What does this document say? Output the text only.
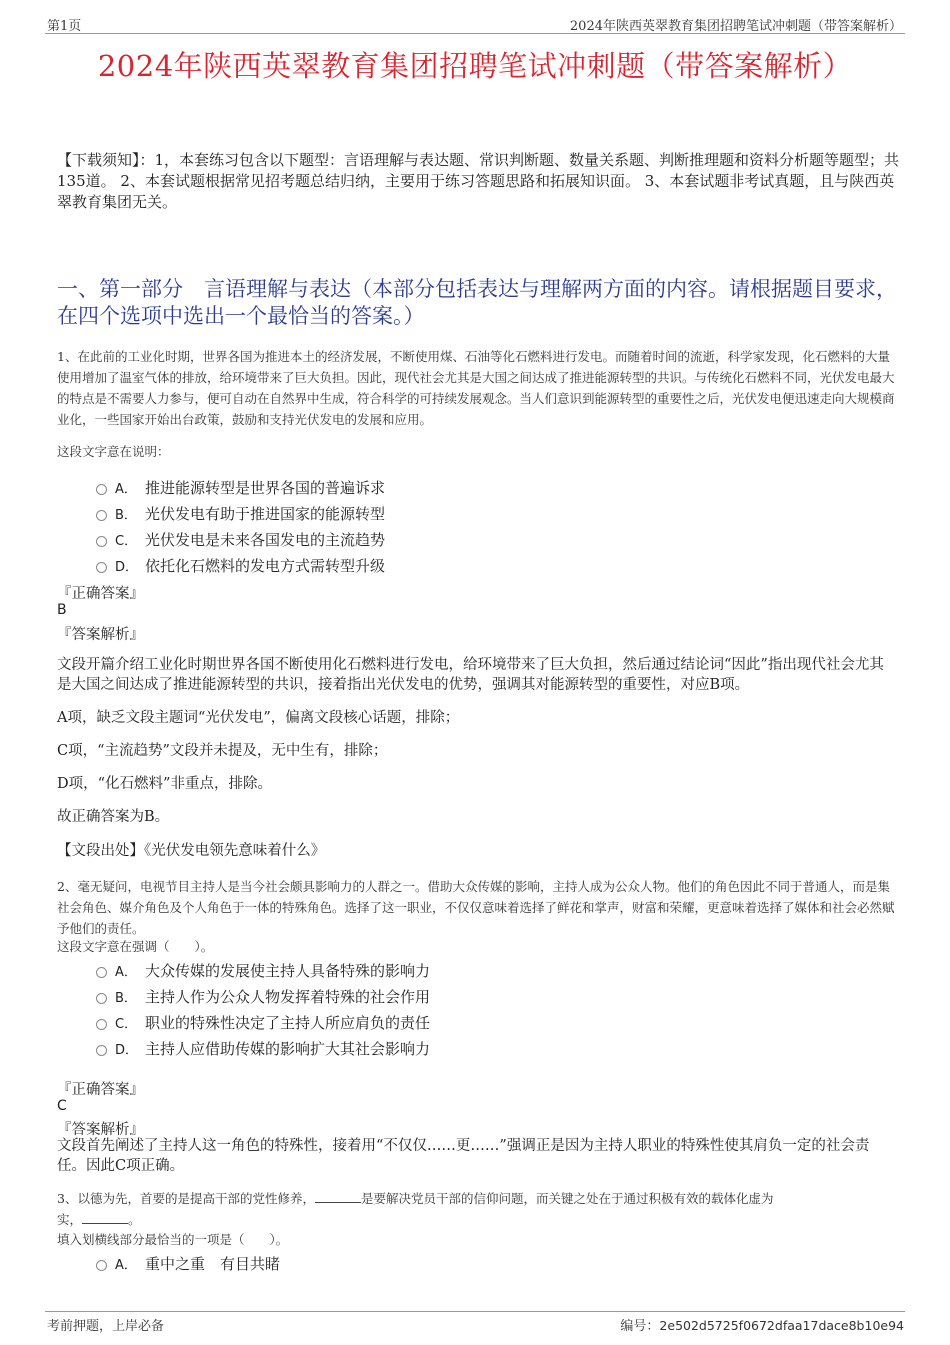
第1页	2024年陕西英翠教育集团招聘笔试冲刺题（带答案解析）
2024年陕西英翠教育集团招聘笔试冲刺题（带答案解析）
【下载须知】：1，本套练习包含以下题型：言语理解与表达题、常识判断题、数量关系题、判断推理题和资料分析题等题型；共135道。 2、本套试题根据常见招考题总结归纳，主要用于练习答题思路和拓展知识面。 3、本套试题非考试真题，且与陕西英翠教育集团无关。
一、第一部分　言语理解与表达（本部分包括表达与理解两方面的内容。请根据题目要求，在四个选项中选出一个最恰当的答案。）
1、在此前的工业化时期，世界各国为推进本土的经济发展，不断使用煤、石油等化石燃料进行发电。而随着时间的流逝，科学家发现，化石燃料的大量使用增加了温室气体的排放，给环境带来了巨大负担。因此，现代社会尤其是大国之间达成了推进能源转型的共识。与传统化石燃料不同，光伏发电最大的特点是不需要人力参与，便可自动在自然界中生成，符合科学的可持续发展观念。当人们意识到能源转型的重要性之后，光伏发电便迅速走向大规模商业化，一些国家开始出台政策，鼓励和支持光伏发电的发展和应用。
这段文字意在说明：
A． 推进能源转型是世界各国的普遍诉求
B． 光伏发电有助于推进国家的能源转型
C． 光伏发电是未来各国发电的主流趋势
D． 依托化石燃料的发电方式需转型升级
『正确答案』
B
『答案解析』
文段开篇介绍工业化时期世界各国不断使用化石燃料进行发电，给环境带来了巨大负担，然后通过结论词“因此”指出现代社会尤其是大国之间达成了推进能源转型的共识，接着指出光伏发电的优势，强调其对能源转型的重要性，对应B项。
A项，缺乏文段主题词“光伏发电”，偏离文段核心话题，排除；
C项，“主流趋势”文段并未提及，无中生有，排除；
D项，“化石燃料”非重点，排除。
故正确答案为B。
【文段出处】《光伏发电领先意味着什么》
2、毫无疑问，电视节目主持人是当今社会颇具影响力的人群之一。借助大众传媒的影响，主持人成为公众人物。他们的角色因此不同于普通人，而是集社会角色、媒介角色及个人角色于一体的特殊角色。选择了这一职业，不仅仅意味着选择了鲜花和掌声，财富和荣耀，更意味着选择了媒体和社会必然赋予他们的责任。
这段文字意在强调（　　）。
A． 大众传媒的发展使主持人具备特殊的影响力
B． 主持人作为公众人物发挥着特殊的社会作用
C． 职业的特殊性决定了主持人所应肩负的责任
D． 主持人应借助传媒的影响扩大其社会影响力
『正确答案』
C
『答案解析』
文段首先阐述了主持人这一角色的特殊性，接着用“不仅仅……更……”强调正是因为主持人职业的特殊性使其肩负一定的社会责任。因此C项正确。
3、以德为先，首要的是提高干部的党性修养，	是要解决党员干部的信仰问题，而关键之处在于通过积极有效的载体化虚为
实，	。
填入划横线部分最恰当的一项是（　　）。
A． 重中之重　有目共睹
考前押题，上岸必备	编号：2e502d5725f0672dfaa17dace8b10e94
